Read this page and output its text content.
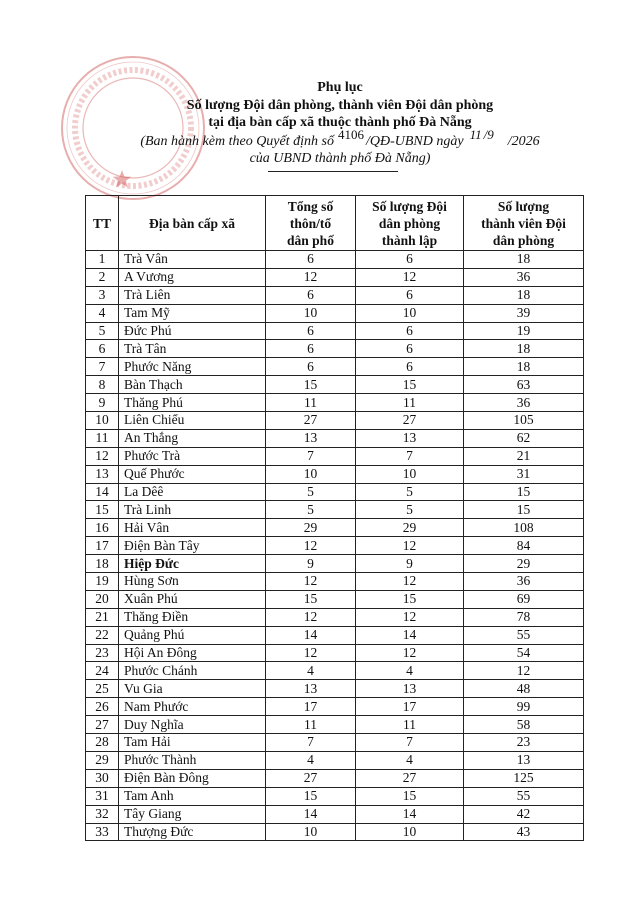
Phụ lục
Số lượng Đội dân phòng, thành viên Đội dân phòng
tại địa bàn cấp xã thuộc thành phố Đà Nẵng
(Ban hành kèm theo Quyết định số 4106 /QĐ-UBND ngày 11 /9 /2026
của UBND thành phố Đà Nẵng)
TT	Địa bàn cấp xã	Tổng số
thôn/tổ
dân phố	Số lượng Đội
dân phòng
thành lập	Số lượng
thành viên Đội
dân phòng
1	Trà Vân	6	6	18
2	A Vương	12	12	36
3	Trà Liên	6	6	18
4	Tam Mỹ	10	10	39
5	Đức Phú	6	6	19
6	Trà Tân	6	6	18
7	Phước Năng	6	6	18
8	Bàn Thạch	15	15	63
9	Thăng Phú	11	11	36
10	Liên Chiểu	27	27	105
11	An Thắng	13	13	62
12	Phước Trà	7	7	21
13	Quế Phước	10	10	31
14	La Dêê	5	5	15
15	Trà Linh	5	5	15
16	Hải Vân	29	29	108
17	Điện Bàn Tây	12	12	84
18	Hiệp Đức	9	9	29
19	Hùng Sơn	12	12	36
20	Xuân Phú	15	15	69
21	Thăng Điền	12	12	78
22	Quảng Phú	14	14	55
23	Hội An Đông	12	12	54
24	Phước Chánh	4	4	12
25	Vu Gia	13	13	48
26	Nam Phước	17	17	99
27	Duy Nghĩa	11	11	58
28	Tam Hải	7	7	23
29	Phước Thành	4	4	13
30	Điện Bàn Đông	27	27	125
31	Tam Anh	15	15	55
32	Tây Giang	14	14	42
33	Thượng Đức	10	10	43
